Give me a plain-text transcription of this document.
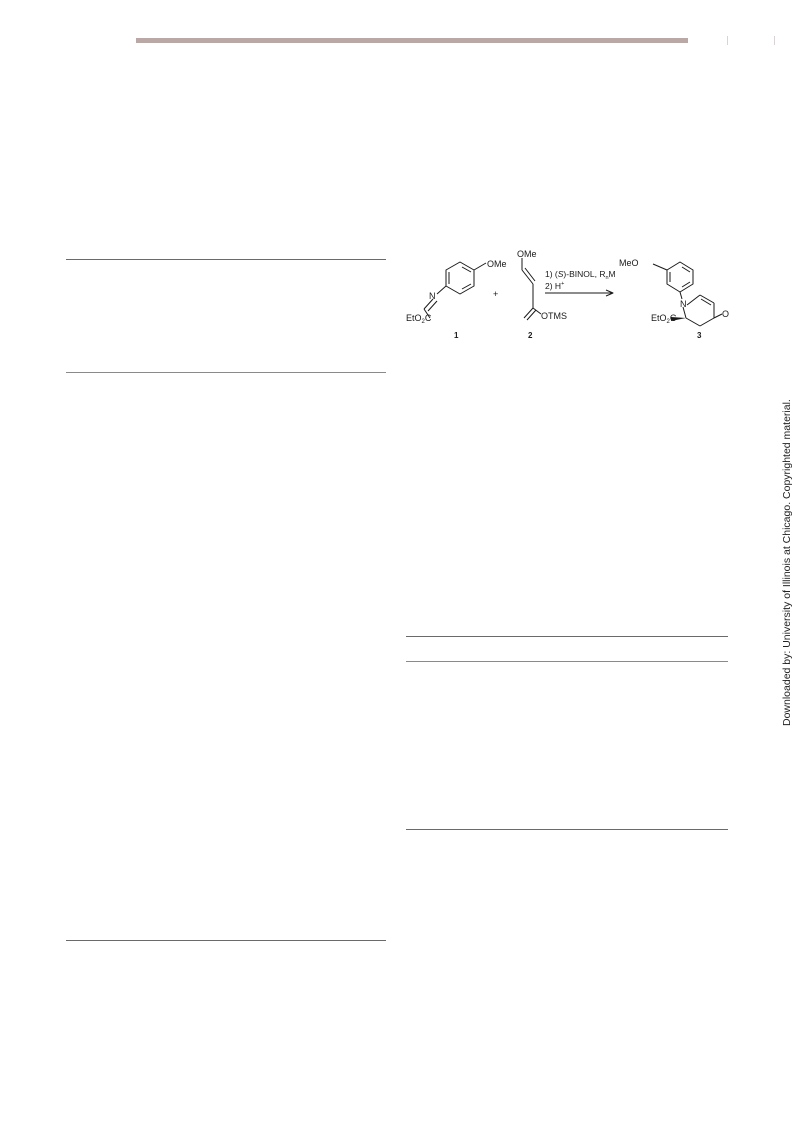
OMe
N
EtO$_2$C
1
+
OMe
OTMS
2
1) (S)-BINOL, $R_nM$
2) H+
MeO
N
O
EtO$_2$C
3
Downloaded by: University of Illinois at Chicago. Copyrighted material.
